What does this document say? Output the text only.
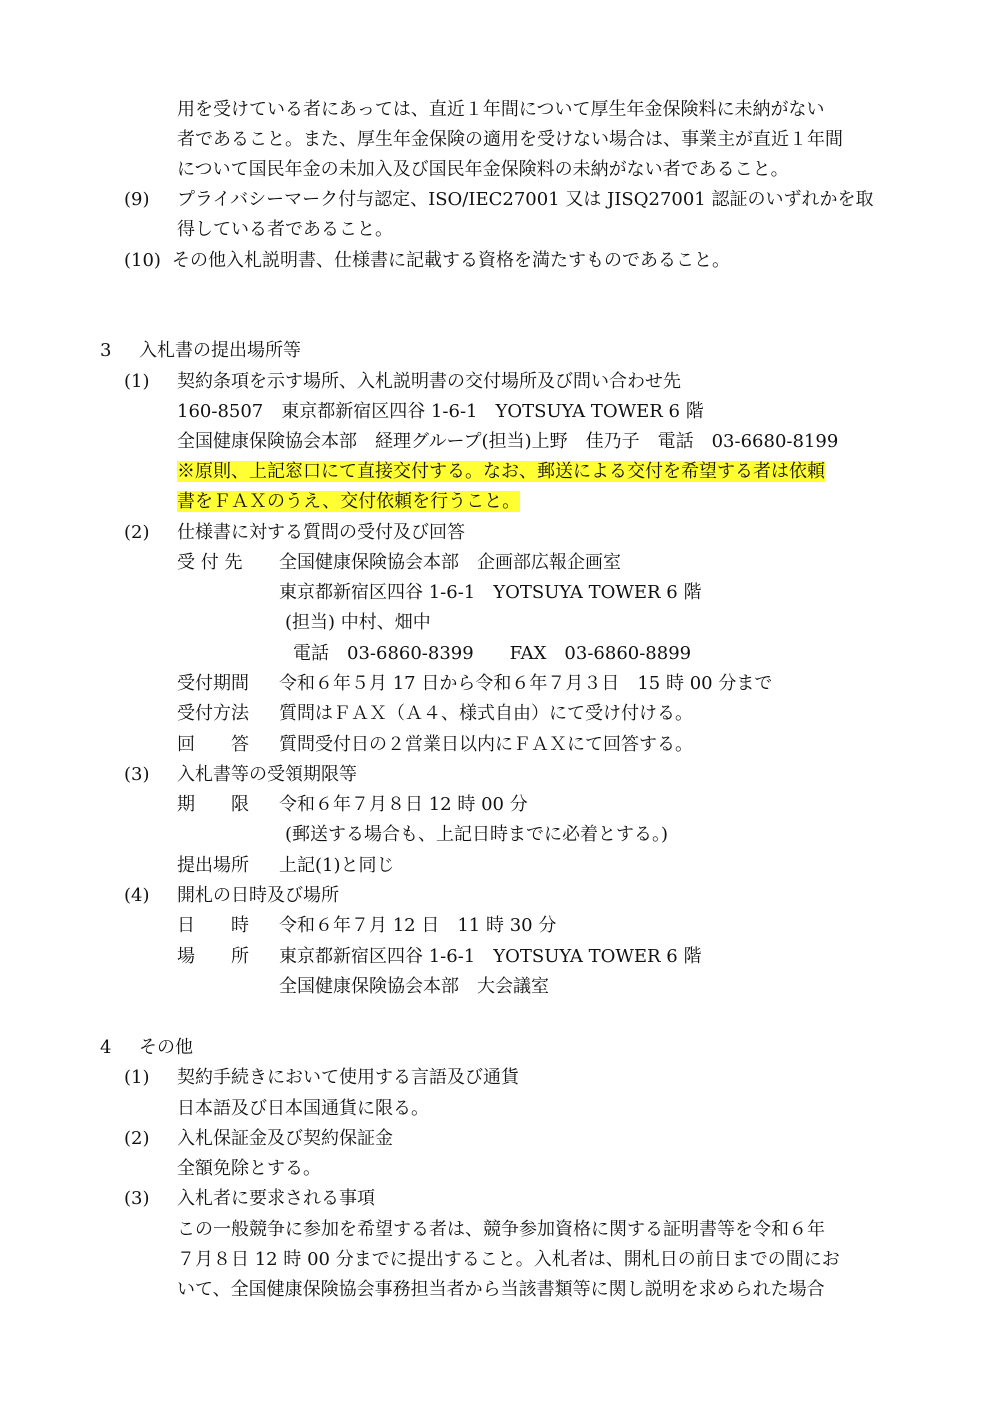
用を受けている者にあっては、直近１年間について厚生年金保険料に未納がない
者であること。また、厚生年金保険の適用を受けない場合は、事業主が直近１年間
について国民年金の未加入及び国民年金保険料の未納がない者であること。
(9) プライバシーマーク付与認定、ISO/IEC27001 又は JISQ27001 認証のいずれかを取
得している者であること。
(10) その他入札説明書、仕様書に記載する資格を満たすものであること。
3 入札書の提出場所等
(1) 契約条項を示す場所、入札説明書の交付場所及び問い合わせ先
160-8507　東京都新宿区四谷 1-6-1　YOTSUYA TOWER 6 階
全国健康保険協会本部　経理グループ(担当)上野　佳乃子　電話　03-6680-8199
※原則、上記窓口にて直接交付する。なお、郵送による交付を希望する者は依頼
書をＦＡＸのうえ、交付依頼を行うこと。
(2) 仕様書に対する質問の受付及び回答
受 付 先 全国健康保険協会本部　企画部広報企画室
東京都新宿区四谷 1-6-1　YOTSUYA TOWER 6 階
(担当) 中村、畑中
電話　03-6860-8399　　FAX　03-6860-8899
受付期間 令和６年５月 17 日から令和６年７月３日　15 時 00 分まで
受付方法 質問はＦＡＸ（Ａ４、様式自由）にて受け付ける。
回　　答 質問受付日の２営業日以内にＦＡＸにて回答する。
(3) 入札書等の受領期限等
期　　限 令和６年７月８日 12 時 00 分
(郵送する場合も、上記日時までに必着とする。)
提出場所 上記(1)と同じ
(4) 開札の日時及び場所
日　　時 令和６年７月 12 日　11 時 30 分
場　　所 東京都新宿区四谷 1-6-1　YOTSUYA TOWER 6 階
全国健康保険協会本部　大会議室
4 その他
(1) 契約手続きにおいて使用する言語及び通貨
日本語及び日本国通貨に限る。
(2) 入札保証金及び契約保証金
全額免除とする。
(3) 入札者に要求される事項
この一般競争に参加を希望する者は、競争参加資格に関する証明書等を令和６年
７月８日 12 時 00 分までに提出すること。入札者は、開札日の前日までの間にお
いて、全国健康保険協会事務担当者から当該書類等に関し説明を求められた場合
